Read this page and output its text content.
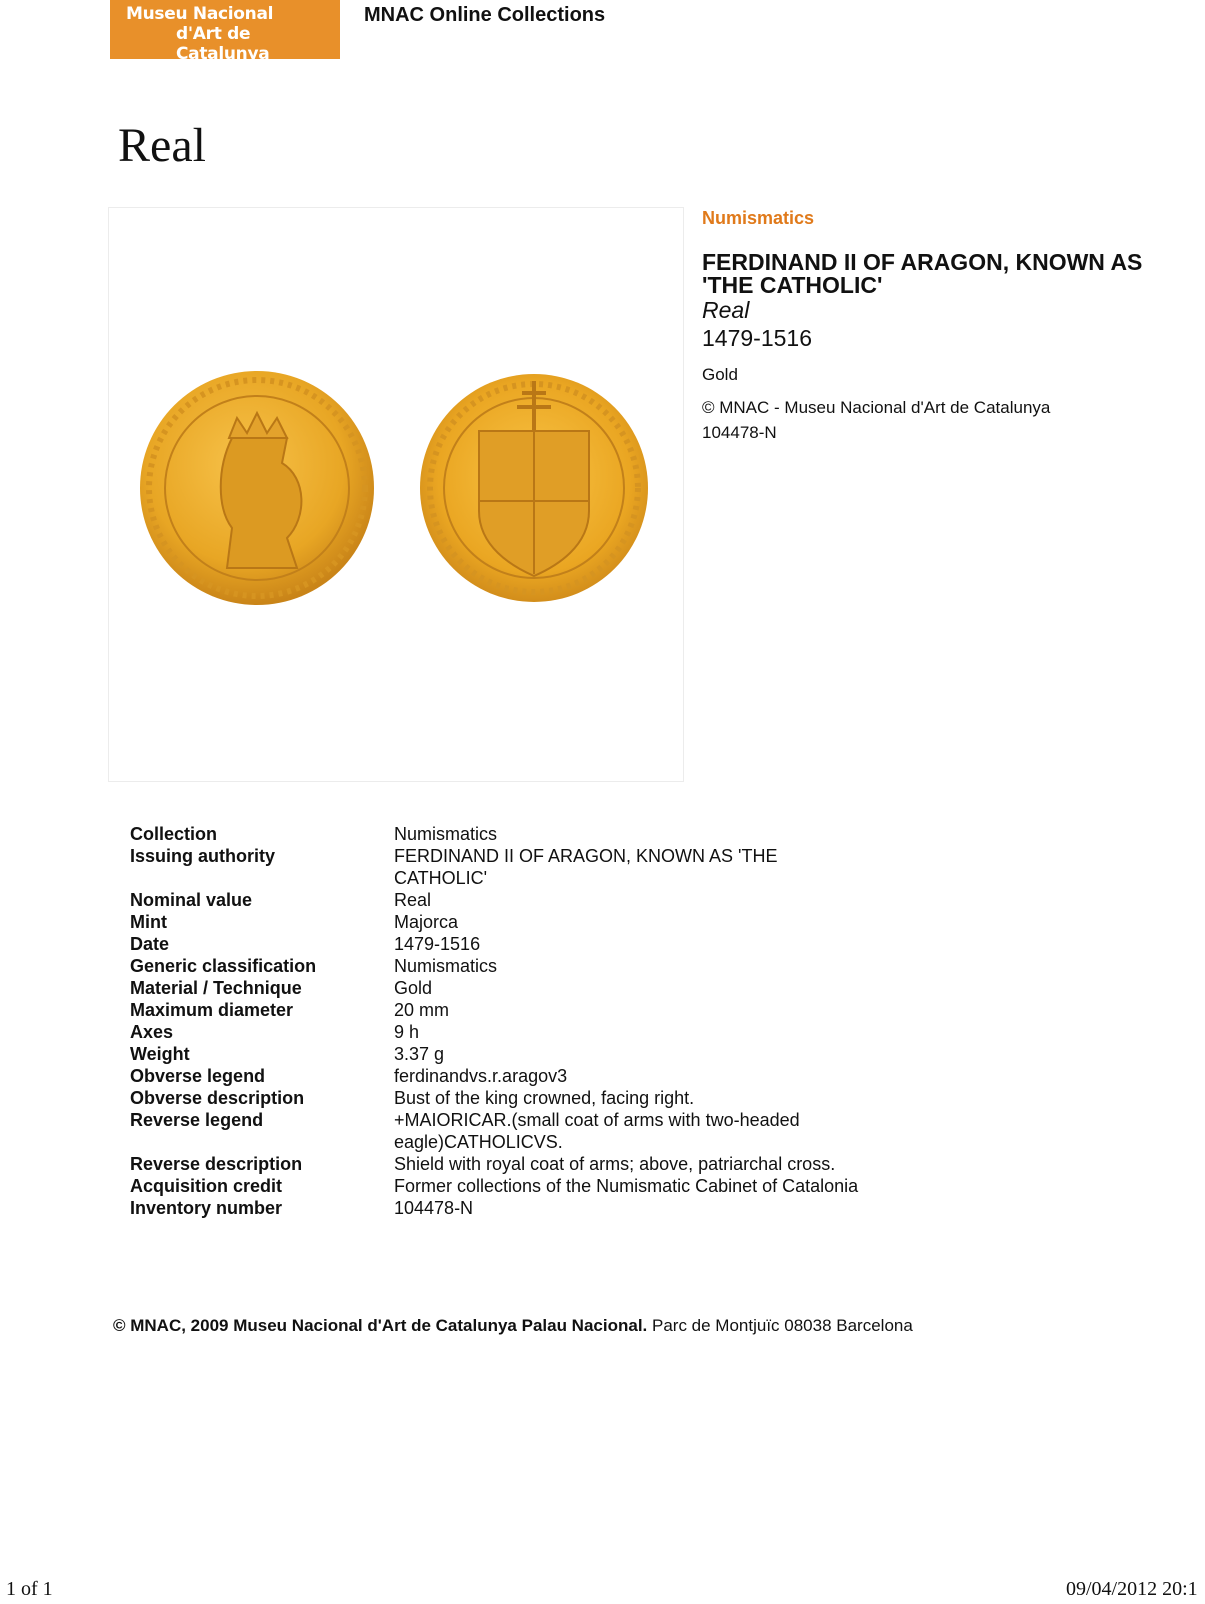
Museu Nacional
d'Art de Catalunya
MNAC Online Collections
Real
Numismatics
FERDINAND II OF ARAGON, KNOWN AS 'THE CATHOLIC'
Real
1479-1516
Gold
© MNAC - Museu Nacional d'Art de Catalunya
104478-N
Collection	Numismatics
Issuing authority	FERDINAND II OF ARAGON, KNOWN AS 'THE CATHOLIC'
Nominal value	Real
Mint	Majorca
Date	1479-1516
Generic classification	Numismatics
Material / Technique	Gold
Maximum diameter	20 mm
Axes	9 h
Weight	3.37 g
Obverse legend	ferdinandvs.r.aragov3
Obverse description	Bust of the king crowned, facing right.
Reverse legend	+MAIORICAR.(small coat of arms with two-headed eagle)CATHOLICVS.
Reverse description	Shield with royal coat of arms; above, patriarchal cross.
Acquisition credit	Former collections of the Numismatic Cabinet of Catalonia
Inventory number	104478-N
© MNAC, 2009 Museu Nacional d'Art de Catalunya Palau Nacional. Parc de Montjuïc 08038 Barcelona
1 of 1	09/04/2012 20:1
